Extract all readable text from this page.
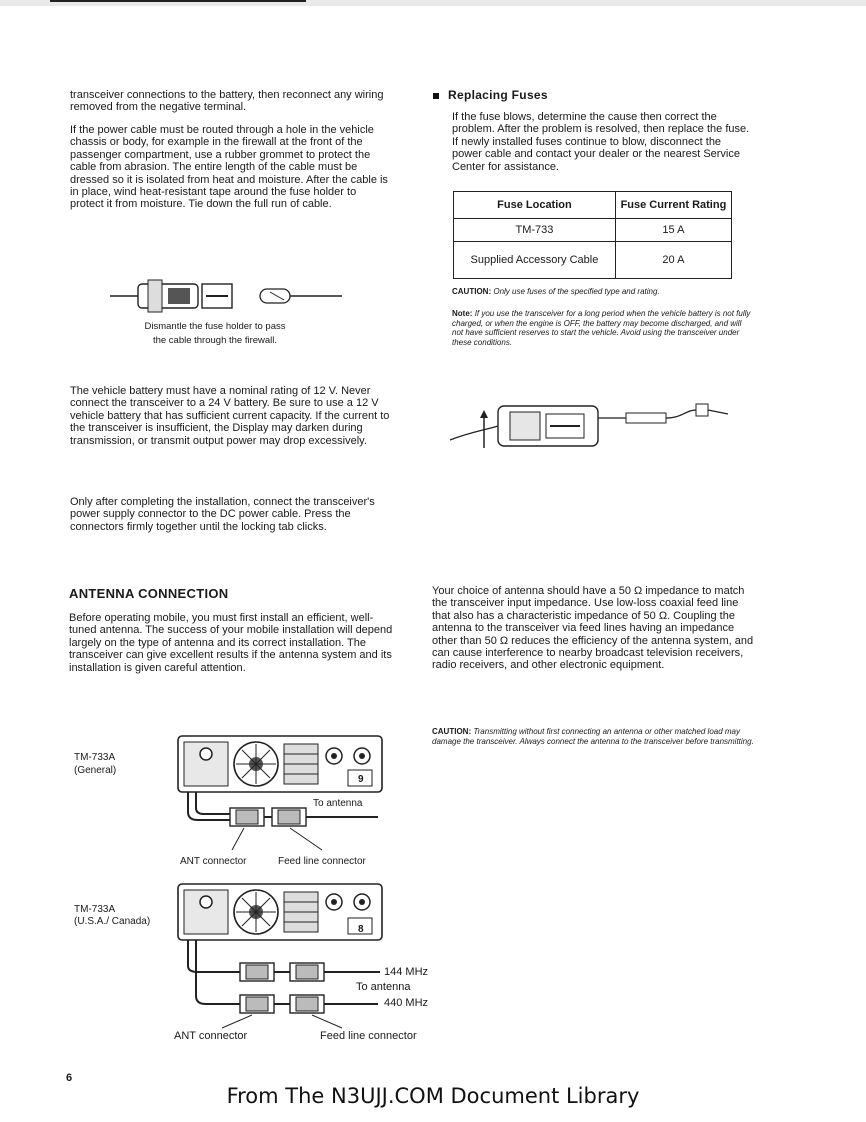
transceiver connections to the battery, then reconnect any wiring removed from the negative terminal.

If the power cable must be routed through a hole in the vehicle chassis or body, for example in the firewall at the front of the passenger compartment, use a rubber grommet to protect the cable from abrasion. The entire length of the cable must be dressed so it is isolated from heat and moisture. After the cable is in place, wind heat-resistant tape around the fuse holder to protect it from moisture. Tie down the full run of cable.

Dismantle the fuse holder to pass
the cable through the firewall.

The vehicle battery must have a nominal rating of 12 V. Never connect the transceiver to a 24 V battery. Be sure to use a 12 V vehicle battery that has sufficient current capacity. If the current to the transceiver is insufficient, the Display may darken during transmission, or transmit output power may drop excessively.

Only after completing the installation, connect the transceiver's power supply connector to the DC power cable. Press the connectors firmly together until the locking tab clicks.

ANTENNA CONNECTION

Before operating mobile, you must first install an efficient, well-tuned antenna. The success of your mobile installation will depend largely on the type of antenna and its correct installation. The transceiver can give excellent results if the antenna system and its installation is given careful attention.

Replacing Fuses

If the fuse blows, determine the cause then correct the problem. After the problem is resolved, then replace the fuse. If newly installed fuses continue to blow, disconnect the power cable and contact your dealer or the nearest Service Center for assistance.

Fuse Location	Fuse Current Rating
TM-733	15 A
Supplied Accessory Cable	20 A
CAUTION: Only use fuses of the specified type and rating.
Note: If you use the transceiver for a long period when the vehicle battery is not fully charged, or when the engine is OFF, the battery may become discharged, and will not have sufficient reserves to start the vehicle. Avoid using the transceiver under these conditions.

Your choice of antenna should have a 50 Ω impedance to match the transceiver input impedance. Use low-loss coaxial feed line that also has a characteristic impedance of 50 Ω. Coupling the antenna to the transceiver via feed lines having an impedance other than 50 Ω reduces the efficiency of the antenna system, and can cause interference to nearby broadcast television receivers, radio receivers, and other electronic equipment.

CAUTION: Transmitting without first connecting an antenna or other matched load may damage the transceiver. Always connect the antenna to the transceiver before transmitting.
TM-733A
(General)
9
To antenna
ANT connector	Feed line connector
TM-733A
(U.S.A./ Canada)
8
144 MHz
To antenna
440 MHz
ANT connector	Feed line connector
6
From The N3UJJ.COM Document Library
